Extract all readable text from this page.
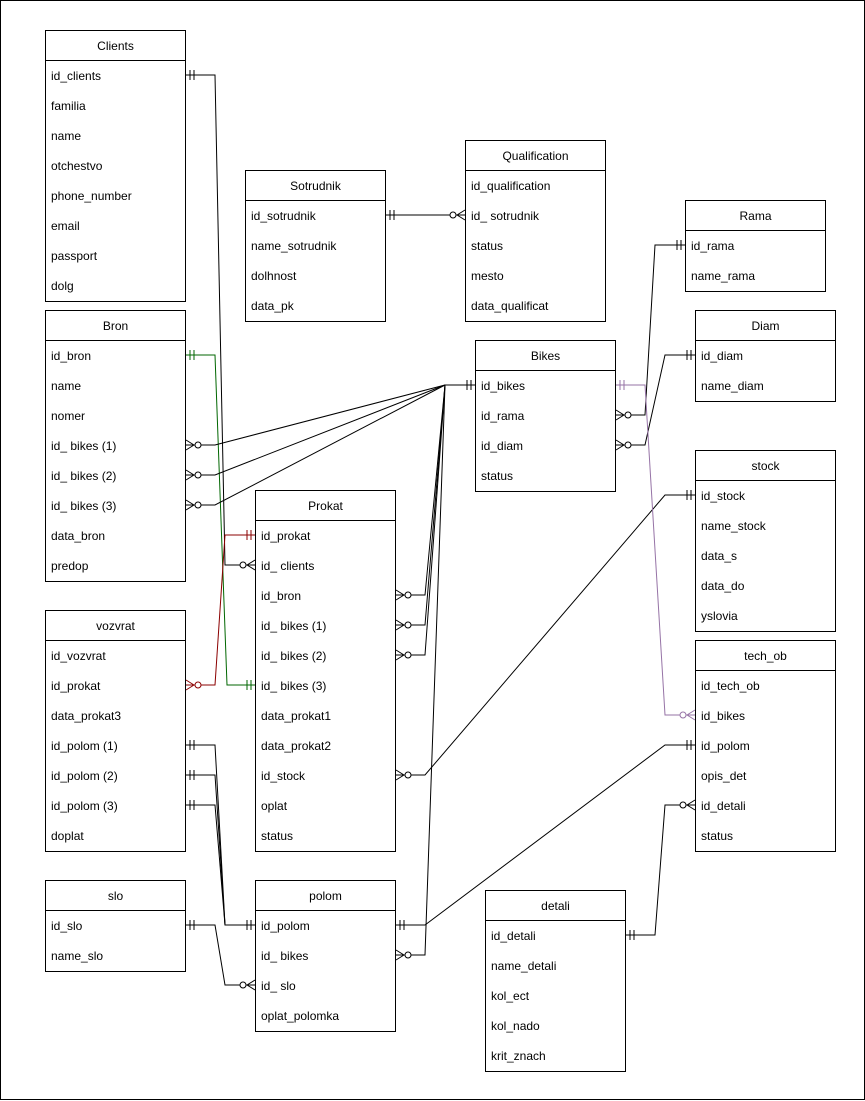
Clients
id_clients
familia
name
otchestvo
phone_number
email
passport
dolg
Sotrudnik
id_sotrudnik
name_sotrudnik
dolhnost
data_pk
Qualification
id_qualification
id_ sotrudnik
status
mesto
data_qualificat
Rama
id_rama
name_rama
Diam
id_diam
name_diam
Bron
id_bron
name
nomer
id_ bikes (1)
id_ bikes (2)
id_ bikes (3)
data_bron
predop
Bikes
id_bikes
id_rama
id_diam
status
stock
id_stock
name_stock
data_s
data_do
yslovia
Prokat
id_prokat
id_ clients
id_bron
id_ bikes (1)
id_ bikes (2)
id_ bikes (3)
data_prokat1
data_prokat2
id_stock
oplat
status
vozvrat
id_vozvrat
id_prokat
data_prokat3
id_polom (1)
id_polom (2)
id_polom (3)
doplat
tech_ob
id_tech_ob
id_bikes
id_polom
opis_det
id_detali
status
slo
id_slo
name_slo
polom
id_polom
id_ bikes
id_ slo
oplat_polomka
detali
id_detali
name_detali
kol_ect
kol_nado
krit_znach
